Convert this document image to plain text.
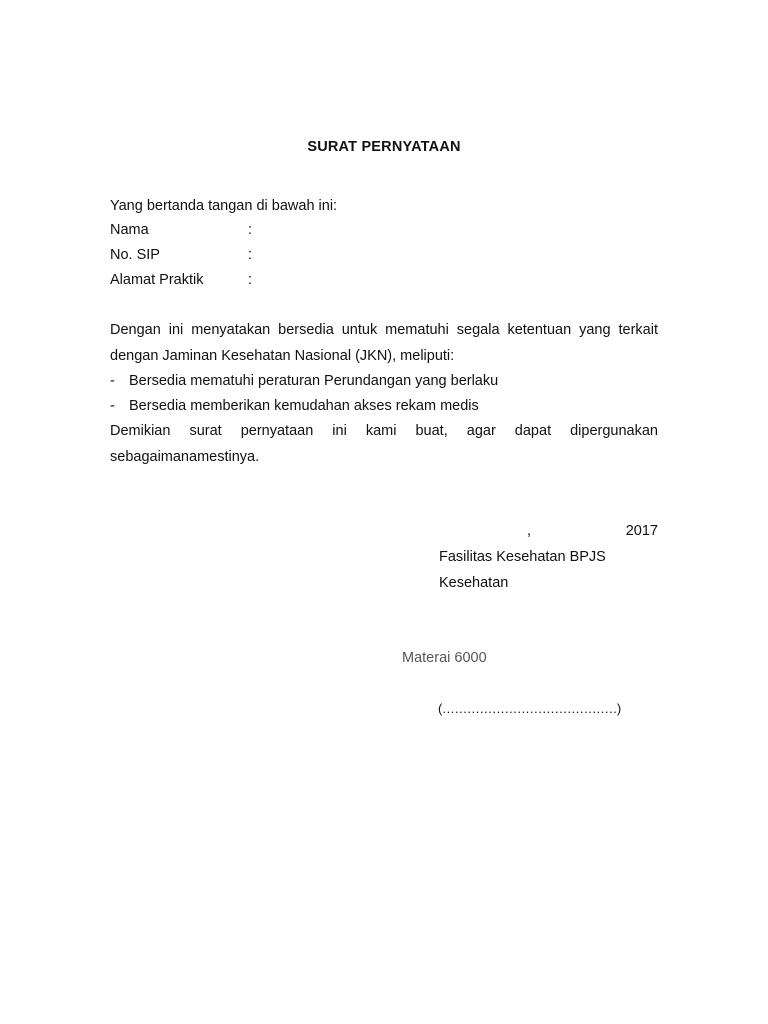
SURAT PERNYATAAN
Yang bertanda tangan di bawah ini:
Nama	:
No. SIP	:
Alamat Praktik	:
Dengan ini menyatakan bersedia untuk mematuhi segala ketentuan yang terkait
dengan Jaminan Kesehatan Nasional (JKN), meliputi:
- Bersedia mematuhi peraturan Perundangan yang berlaku
- Bersedia memberikan kemudahan akses rekam medis
Demikian surat pernyataan ini kami buat, agar dapat dipergunakan
sebagaimanamestinya.
,	2017
Fasilitas Kesehatan BPJS
Kesehatan
Materai 6000
(……………………………………)
